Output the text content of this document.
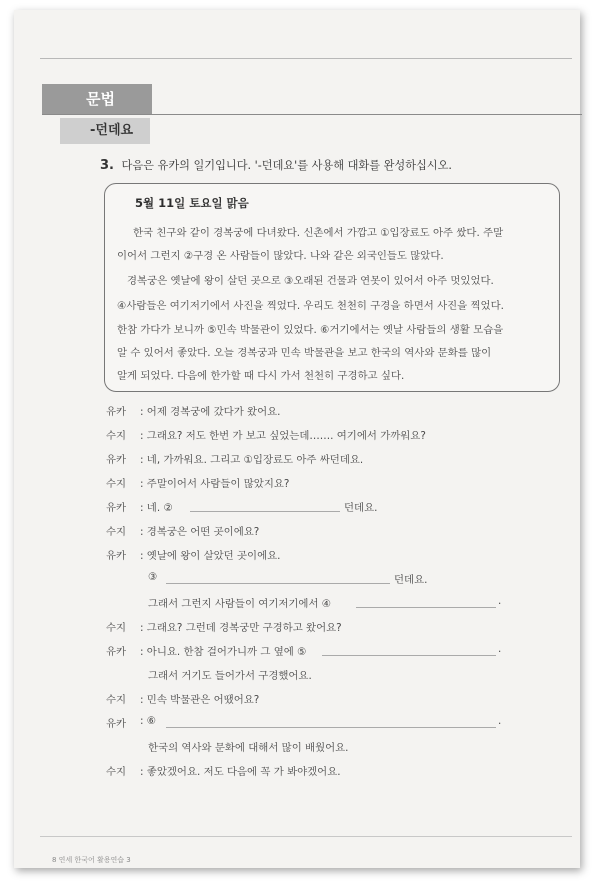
문법
-던데요
3. 다음은 유카의 일기입니다. '-던데요'를 사용해 대화를 완성하십시오.
5월 11일 토요일 맑음
한국 친구와 같이 경복궁에 다녀왔다. 신촌에서 가깝고 ①입장료도 아주 쌌다. 주말
이어서 그런지 ②구경 온 사람들이 많았다. 나와 같은 외국인들도 많았다.
경복궁은 옛날에 왕이 살던 곳으로 ③오래된 건물과 연못이 있어서 아주 멋있었다.
④사람들은 여기저기에서 사진을 찍었다. 우리도 천천히 구경을 하면서 사진을 찍었다.
한참 가다가 보니까 ⑤민속 박물관이 있었다. ⑥거기에서는 옛날 사람들의 생활 모습을
알 수 있어서 좋았다. 오늘 경복궁과 민속 박물관을 보고 한국의 역사와 문화를 많이
알게 되었다. 다음에 한가할 때 다시 가서 천천히 구경하고 싶다.
유카 : 어제 경복궁에 갔다가 왔어요.
수지 : 그래요? 저도 한번 가 보고 싶었는데……. 여기에서 가까워요?
유카 : 네, 가까워요. 그리고 ①입장료도 아주 싸던데요.
수지 : 주말이어서 사람들이 많았지요?
유카 : 네. ②	던데요.
수지 : 경복궁은 어떤 곳이에요?
유카 : 옛날에 왕이 살았던 곳이에요.
③	던데요.
그래서 그런지 사람들이 여기저기에서 ④	.
수지 : 그래요? 그런데 경복궁만 구경하고 왔어요?
유카 : 아니요. 한참 걸어가니까 그 옆에 ⑤	.
그래서 거기도 들어가서 구경했어요.
수지 : 민속 박물관은 어땠어요?
유카 : ⑥	.
한국의 역사와 문화에 대해서 많이 배웠어요.
수지 : 좋았겠어요. 저도 다음에 꼭 가 봐야겠어요.
8 연세 한국어 활용연습 3
